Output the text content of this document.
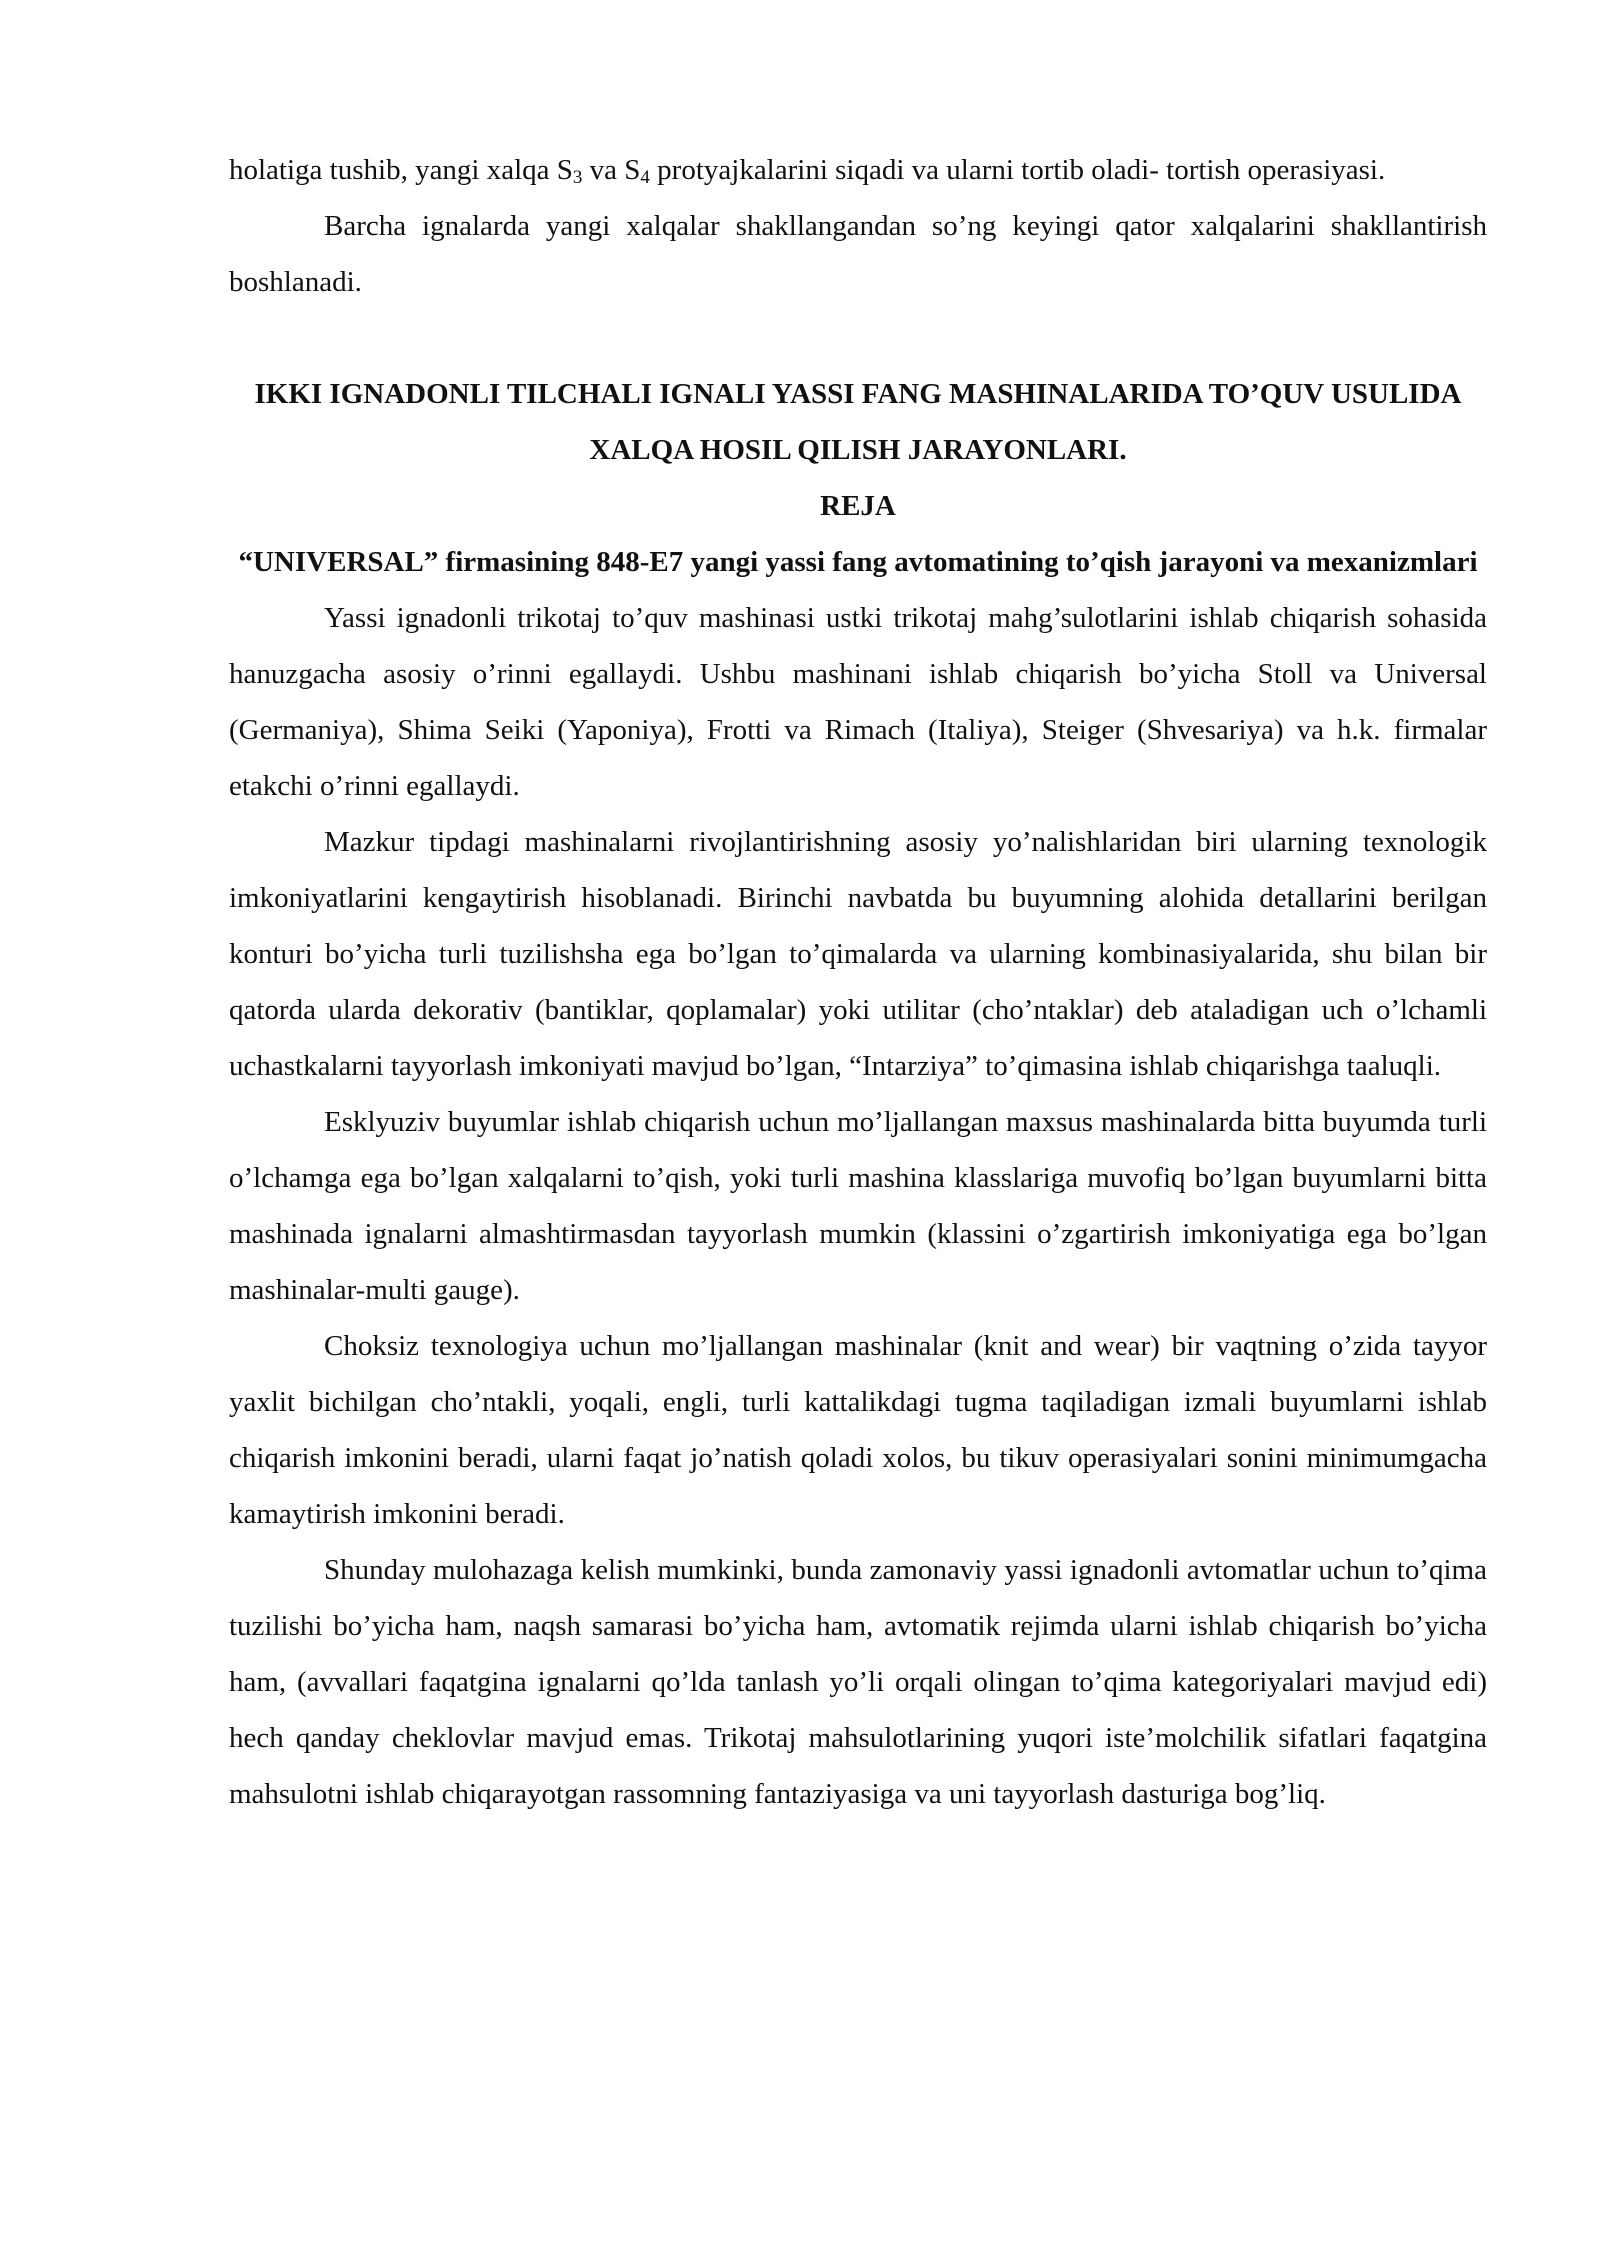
holatiga tushib, yangi xalqa $S_3$ va $S_4$ protyajkalarini siqadi va ularni tortib oladi- tortish operasiyasi.

Barcha ignalarda yangi xalqalar shakllangandan so’ng keyingi qator xalqalarini shakllantirish boshlanadi.

IKKI IGNADONLI TILCHALI IGNALI YASSI FANG MASHINALARIDA TO’QUV USULIDA XALQA HOSIL QILISH JARAYONLARI.
REJA
“UNIVERSAL” firmasining 848-E7 yangi yassi fang avtomatining to’qish jarayoni va mexanizmlari

Yassi ignadonli trikotaj to’quv mashinasi ustki trikotaj mahg’sulotlarini ishlab chiqarish sohasida hanuzgacha asosiy o’rinni egallaydi. Ushbu mashinani ishlab chiqarish bo’yicha Stoll va Universal (Germaniya), Shima Seiki (Yaponiya), Frotti va Rimach (Italiya), Steiger (Shvesariya) va h.k. firmalar etakchi o’rinni egallaydi.

Mazkur tipdagi mashinalarni rivojlantirishning asosiy yo’nalishlaridan biri ularning texnologik imkoniyatlarini kengaytirish hisoblanadi. Birinchi navbatda bu buyumning alohida detallarini berilgan konturi bo’yicha turli tuzilishsha ega bo’lgan to’qimalarda va ularning kombinasiyalarida, shu bilan bir qatorda ularda dekorativ (bantiklar, qoplamalar) yoki utilitar (cho’ntaklar) deb ataladigan uch o’lchamli uchastkalarni tayyorlash imkoniyati mavjud bo’lgan, “Intarziya” to’qimasina ishlab chiqarishga taaluqli.

Esklyuziv buyumlar ishlab chiqarish uchun mo’ljallangan maxsus mashinalarda bitta buyumda turli o’lchamga ega bo’lgan xalqalarni to’qish, yoki turli mashina klasslariga muvofiq bo’lgan buyumlarni bitta mashinada ignalarni almashtirmasdan tayyorlash mumkin (klassini o’zgartirish imkoniyatiga ega bo’lgan mashinalar-multi gauge).

Choksiz texnologiya uchun mo’ljallangan mashinalar (knit and wear) bir vaqtning o’zida tayyor yaxlit bichilgan cho’ntakli, yoqali, engli, turli kattalikdagi tugma taqiladigan izmali buyumlarni ishlab chiqarish imkonini beradi, ularni faqat jo’natish qoladi xolos, bu tikuv operasiyalari sonini minimumgacha kamaytirish imkonini beradi.

Shunday mulohazaga kelish mumkinki, bunda zamonaviy yassi ignadonli avtomatlar uchun to’qima tuzilishi bo’yicha ham, naqsh samarasi bo’yicha ham, avtomatik rejimda ularni ishlab chiqarish bo’yicha ham, (avvallari faqatgina ignalarni qo’lda tanlash yo’li orqali olingan to’qima kategoriyalari mavjud edi) hech qanday cheklovlar mavjud emas. Trikotaj mahsulotlarining yuqori iste’molchilik sifatlari faqatgina mahsulotni ishlab chiqarayotgan rassomning fantaziyasiga va uni tayyorlash dasturiga bog’liq.
